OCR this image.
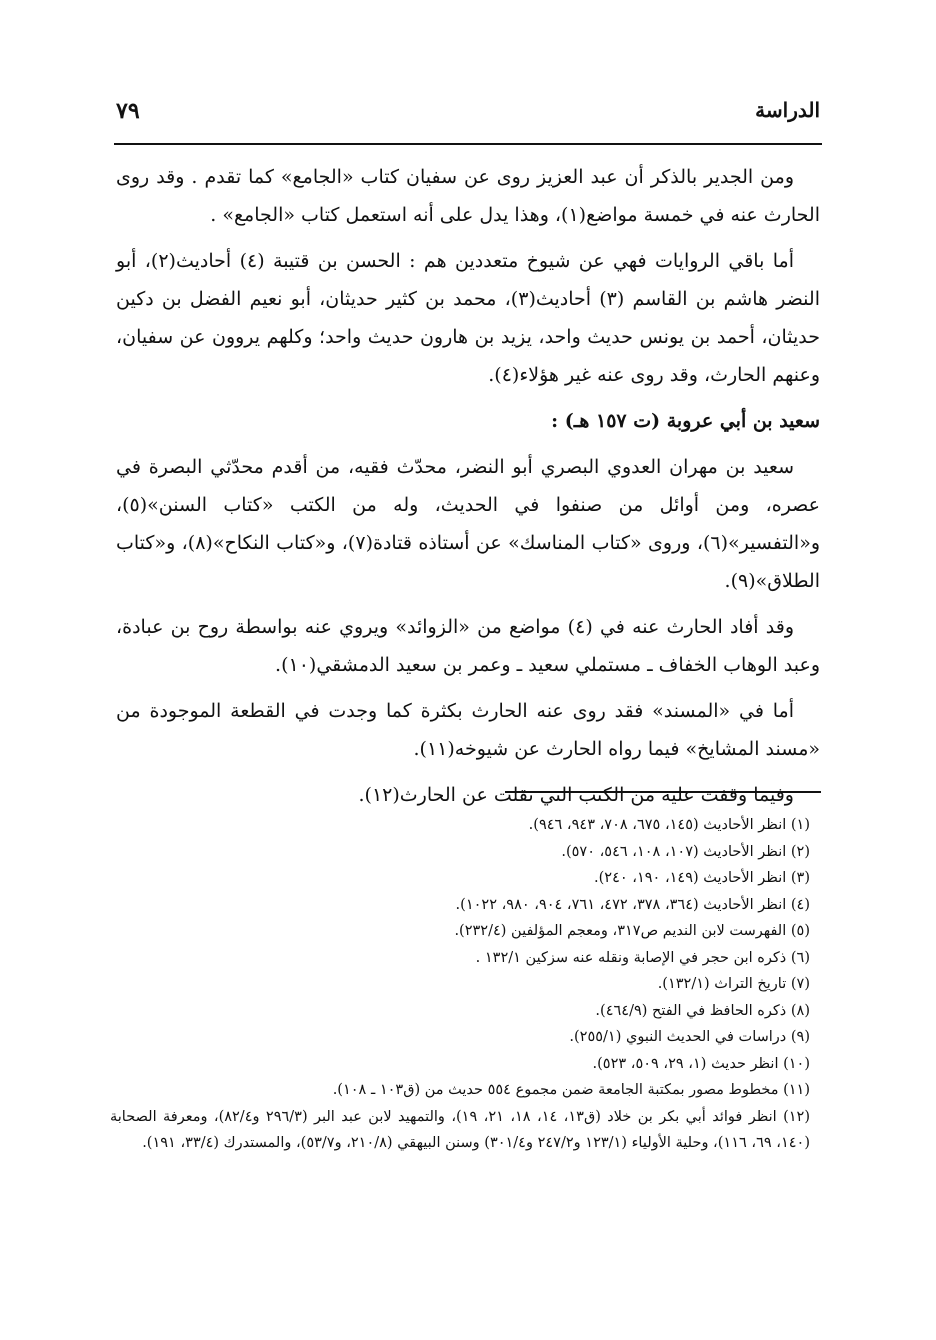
الدراسة
٧٩

ومن الجدير بالذكر أن عبد العزيز روى عن سفيان كتاب «الجامع» كما تقدم . وقد روى الحارث عنه في خمسة مواضع(١)، وهذا يدل على أنه استعمل كتاب «الجامع» .

أما باقي الروايات فهي عن شيوخ متعددين هم : الحسن بن قتيبة (٤) أحاديث(٢)، أبو النضر هاشم بن القاسم (٣) أحاديث(٣)، محمد بن كثير حديثان، أبو نعيم الفضل بن دكين حديثان، أحمد بن يونس حديث واحد، يزيد بن هارون حديث واحد؛ وكلهم يروون عن سفيان، وعنهم الحارث، وقد روى عنه غير هؤلاء(٤).

سعيد بن أبي عروبة (ت ١٥٧ هـ) :

سعيد بن مهران العدوي البصري أبو النضر، محدّث فقيه، من أقدم محدّثي البصرة في عصره، ومن أوائل من صنفوا في الحديث، وله من الكتب «كتاب السنن»(٥)، و«التفسير»(٦)، وروى «كتاب المناسك» عن أستاذه قتادة(٧)، و«كتاب النكاح»(٨)، و«كتاب الطلاق»(٩).

وقد أفاد الحارث عنه في (٤) مواضع من «الزوائد» ويروي عنه بواسطة روح بن عبادة، وعبد الوهاب الخفاف ـ مستملي سعيد ـ وعمر بن سعيد الدمشقي(١٠).

أما في «المسند» فقد روى عنه الحارث بكثرة كما وجدت في القطعة الموجودة من «مسند المشايخ» فيما رواه الحارث عن شيوخه(١١).

وفيما وقفت عليه من الكتب التي نقلت عن الحارث(١٢).

(١) انظر الأحاديث (١٤٥، ٦٧٥، ٧٠٨، ٩٤٣، ٩٤٦).

(٢) انظر الأحاديث (١٠٧، ١٠٨، ٥٤٦، ٥٧٠).

(٣) انظر الأحاديث (١٤٩، ١٩٠، ٢٤٠).

(٤) انظر الأحاديث (٣٦٤، ٣٧٨، ٤٧٢، ٧٦١، ٩٠٤، ٩٨٠، ١٠٢٢).

(٥) الفهرست لابن النديم ص٣١٧، ومعجم المؤلفين (٢٣٢/٤).

(٦) ذكره ابن حجر في الإصابة ونقله عنه سزكين ١٣٢/١ .

(٧) تاريخ التراث (١٣٢/١).

(٨) ذكره الحافظ في الفتح (٤٦٤/٩).

(٩) دراسات في الحديث النبوي (٢٥٥/١).

(١٠) انظر حديث (١، ٢٩، ٥٠٩، ٥٢٣).

(١١) مخطوط مصور بمكتبة الجامعة ضمن مجموع ٥٥٤ حديث من (ق١٠٣ ـ ١٠٨).

(١٢) انظر فوائد أبي بكر بن خلاد (ق١٣، ١٤، ١٨، ٢١، ١٩)، والتمهيد لابن عبد البر (٢٩٦/٣ و٨٢/٤)، ومعرفة الصحابة (١٤٠، ٦٩، ١١٦)، وحلية الأولياء (١٢٣/١ و٢٤٧/٢ و٣٠١/٤) وسنن البيهقي (٢١٠/٨، و٥٣/٧)، والمستدرك (٣٣/٤، ١٩١).
